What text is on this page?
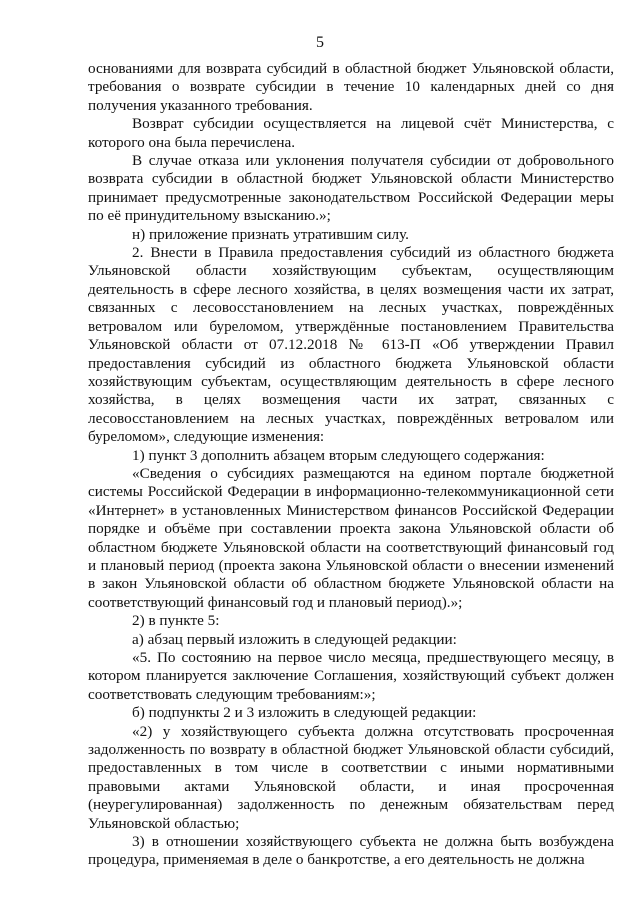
5

основаниями для возврата субсидий в областной бюджет Ульяновской области, требования о возврате субсидии в течение 10 календарных дней со дня получения указанного требования.

Возврат субсидии осуществляется на лицевой счёт Министерства, с которого она была перечислена.

В случае отказа или уклонения получателя субсидии от добровольного возврата субсидии в областной бюджет Ульяновской области Министерство принимает предусмотренные законодательством Российской Федерации меры по её принудительному взысканию.»;

н) приложение признать утратившим силу.

2. Внести в Правила предоставления субсидий из областного бюджета Ульяновской области хозяйствующим субъектам, осуществляющим деятельность в сфере лесного хозяйства, в целях возмещения части их затрат, связанных с лесовосстановлением на лесных участках, повреждённых ветровалом или буреломом, утверждённые постановлением Правительства Ульяновской области от 07.12.2018 № 613-П «Об утверждении Правил предоставления субсидий из областного бюджета Ульяновской области хозяйствующим субъектам, осуществляющим деятельность в сфере лесного хозяйства, в целях возмещения части их затрат, связанных с лесовосстановлением на лесных участках, повреждённых ветровалом или буреломом», следующие изменения:

1) пункт 3 дополнить абзацем вторым следующего содержания:

«Сведения о субсидиях размещаются на едином портале бюджетной системы Российской Федерации в информационно-телекоммуникационной сети «Интернет» в установленных Министерством финансов Российской Федерации порядке и объёме при составлении проекта закона Ульяновской области об областном бюджете Ульяновской области на соответствующий финансовый год и плановый период (проекта закона Ульяновской области о внесении изменений в закон Ульяновской области об областном бюджете Ульяновской области на соответствующий финансовый год и плановый период).»;

2) в пункте 5:

а) абзац первый изложить в следующей редакции:

«5. По состоянию на первое число месяца, предшествующего месяцу, в котором планируется заключение Соглашения, хозяйствующий субъект должен соответствовать следующим требованиям:»;

б) подпункты 2 и 3 изложить в следующей редакции:

«2) у хозяйствующего субъекта должна отсутствовать просроченная задолженность по возврату в областной бюджет Ульяновской области субсидий, предоставленных в том числе в соответствии с иными нормативными правовыми актами Ульяновской области, и иная просроченная (неурегулированная) задолженность по денежным обязательствам перед Ульяновской областью;

3) в отношении хозяйствующего субъекта не должна быть возбуждена процедура, применяемая в деле о банкротстве, а его деятельность не должна
